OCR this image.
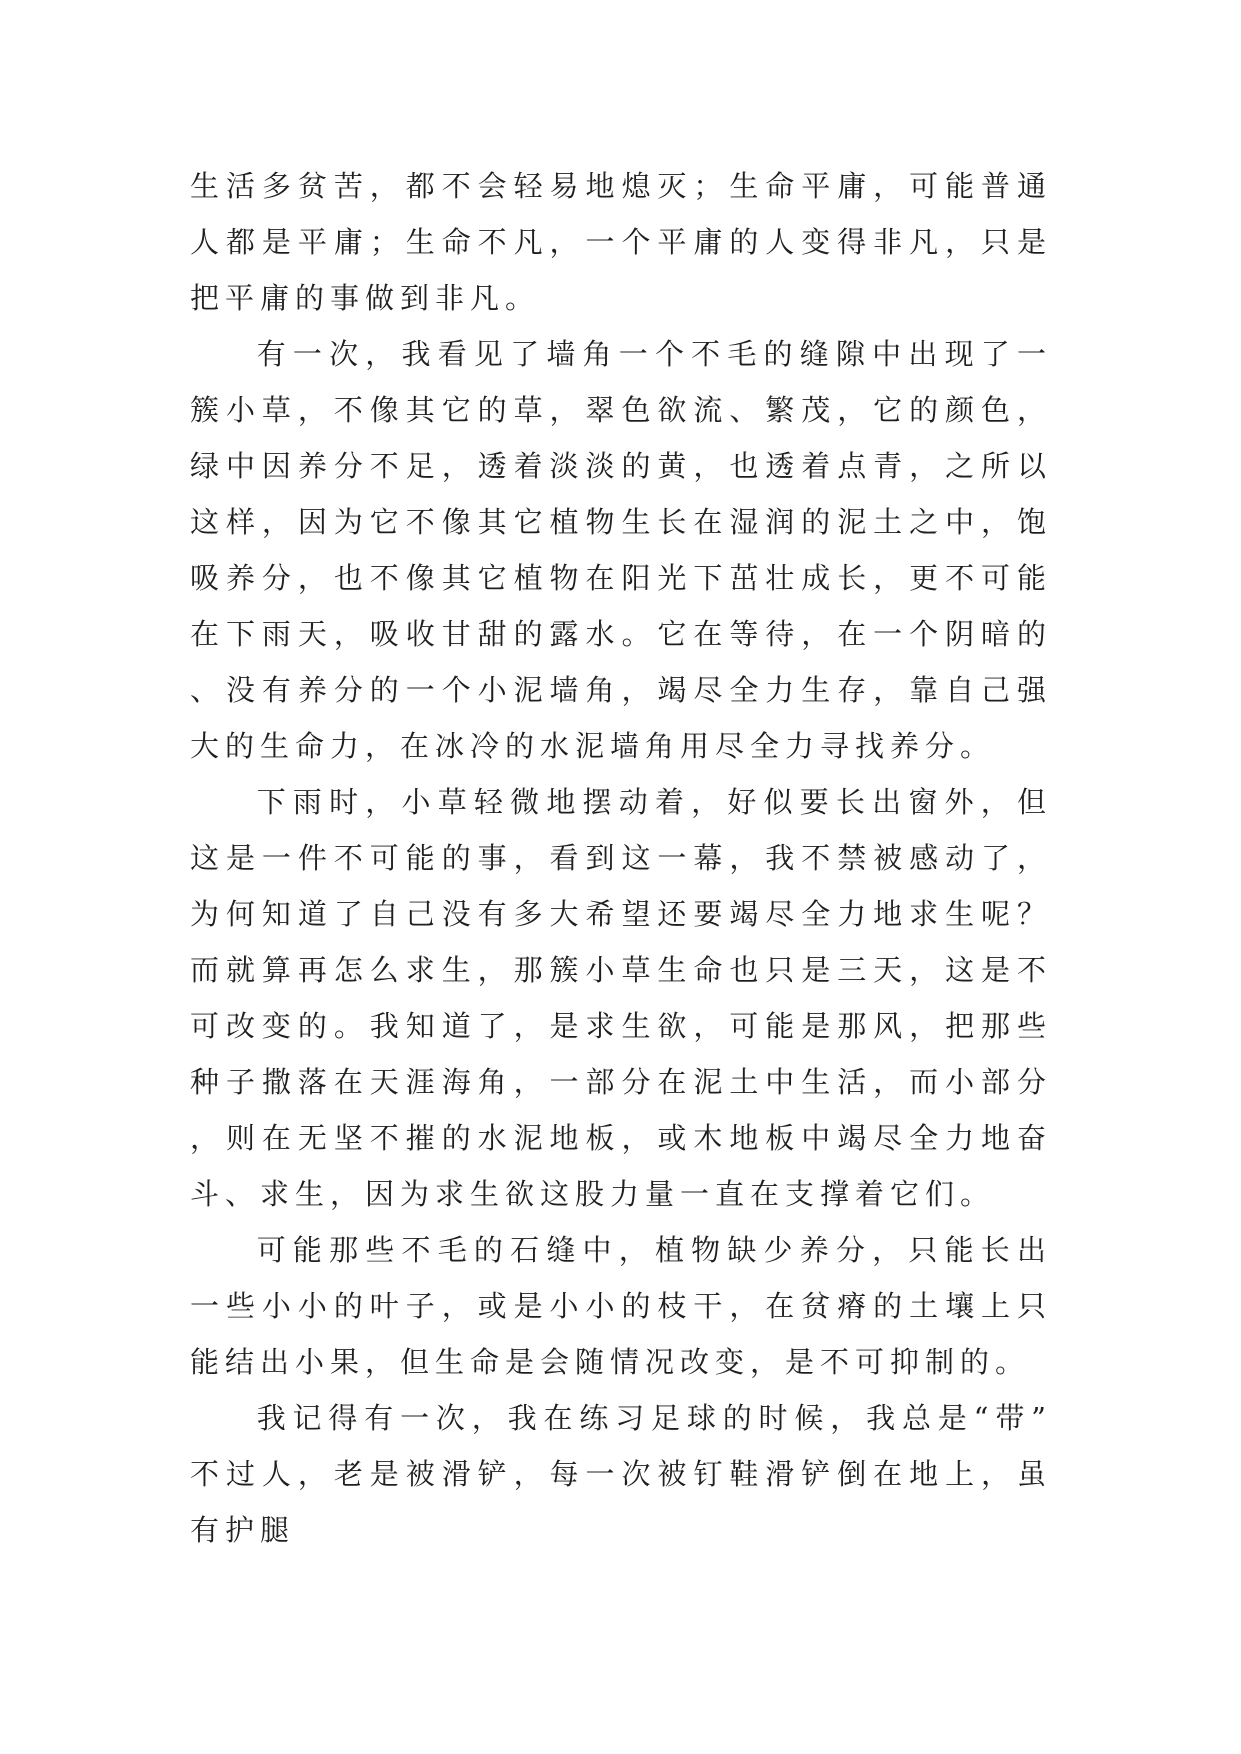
生活多贫苦，都不会轻易地熄灭；生命平庸，可能普通人都是平庸；生命不凡，一个平庸的人变得非凡，只是把平庸的事做到非凡。

有一次，我看见了墙角一个不毛的缝隙中出现了一簇小草，不像其它的草，翠色欲流、繁茂，它的颜色，绿中因养分不足，透着淡淡的黄，也透着点青，之所以这样，因为它不像其它植物生长在湿润的泥土之中，饱吸养分，也不像其它植物在阳光下茁壮成长，更不可能在下雨天，吸收甘甜的露水。它在等待，在一个阴暗的、没有养分的一个小泥墙角，竭尽全力生存，靠自己强大的生命力，在冰冷的水泥墙角用尽全力寻找养分。

下雨时，小草轻微地摆动着，好似要长出窗外，但这是一件不可能的事，看到这一幕，我不禁被感动了，为何知道了自己没有多大希望还要竭尽全力地求生呢？而就算再怎么求生，那簇小草生命也只是三天，这是不可改变的。我知道了，是求生欲，可能是那风，把那些种子撒落在天涯海角，一部分在泥土中生活，而小部分，则在无坚不摧的水泥地板，或木地板中竭尽全力地奋斗、求生，因为求生欲这股力量一直在支撑着它们。

可能那些不毛的石缝中，植物缺少养分，只能长出一些小小的叶子，或是小小的枝干，在贫瘠的土壤上只能结出小果，但生命是会随情况改变，是不可抑制的。

我记得有一次，我在练习足球的时候，我总是“带”不过人，老是被滑铲，每一次被钉鞋滑铲倒在地上，虽有护腿
